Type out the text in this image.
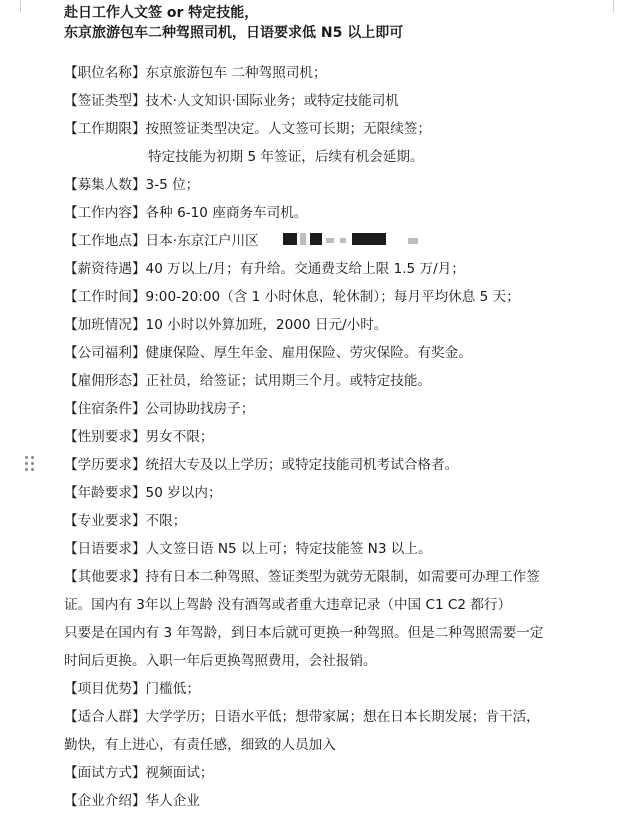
赴日工作人文签 or 特定技能，
东京旅游包车二种驾照司机，日语要求低 N5 以上即可
【职位名称】东京旅游包车 二种驾照司机；
【签证类型】技术·人文知识·国际业务；或特定技能司机
【工作期限】按照签证类型决定。人文签可长期；无限续签；
特定技能为初期 5 年签证，后续有机会延期。
【募集人数】3-5 位；
【工作内容】各种 6-10 座商务车司机。
【工作地点】日本·东京江户川区
【薪资待遇】40 万以上/月；有升给。交通费支给上限 1.5 万/月；
【工作时间】9:00-20:00（含 1 小时休息，轮休制）；每月平均休息 5 天；
【加班情况】10 小时以外算加班，2000 日元/小时。
【公司福利】健康保险、厚生年金、雇用保险、劳灾保险。有奖金。
【雇佣形态】正社员，给签证；试用期三个月。或特定技能。
【住宿条件】公司协助找房子；
【性别要求】男女不限；
【学历要求】统招大专及以上学历；或特定技能司机考试合格者。
【年龄要求】50 岁以内；
【专业要求】不限；
【日语要求】人文签日语 N5 以上可；特定技能签 N3 以上。
【其他要求】持有日本二种驾照、签证类型为就劳无限制，如需要可办理工作签
证。国内有 3年以上驾龄 没有酒驾或者重大违章记录（中国 C1 C2 都行）
只要是在国内有 3 年驾龄，到日本后就可更换一种驾照。但是二种驾照需要一定
时间后更换。入职一年后更换驾照费用，会社报销。
【项目优势】门槛低；
【适合人群】大学学历；日语水平低；想带家属；想在日本长期发展；肯干活，
勤快，有上进心，有责任感，细致的人员加入
【面试方式】视频面试；
【企业介绍】华人企业
